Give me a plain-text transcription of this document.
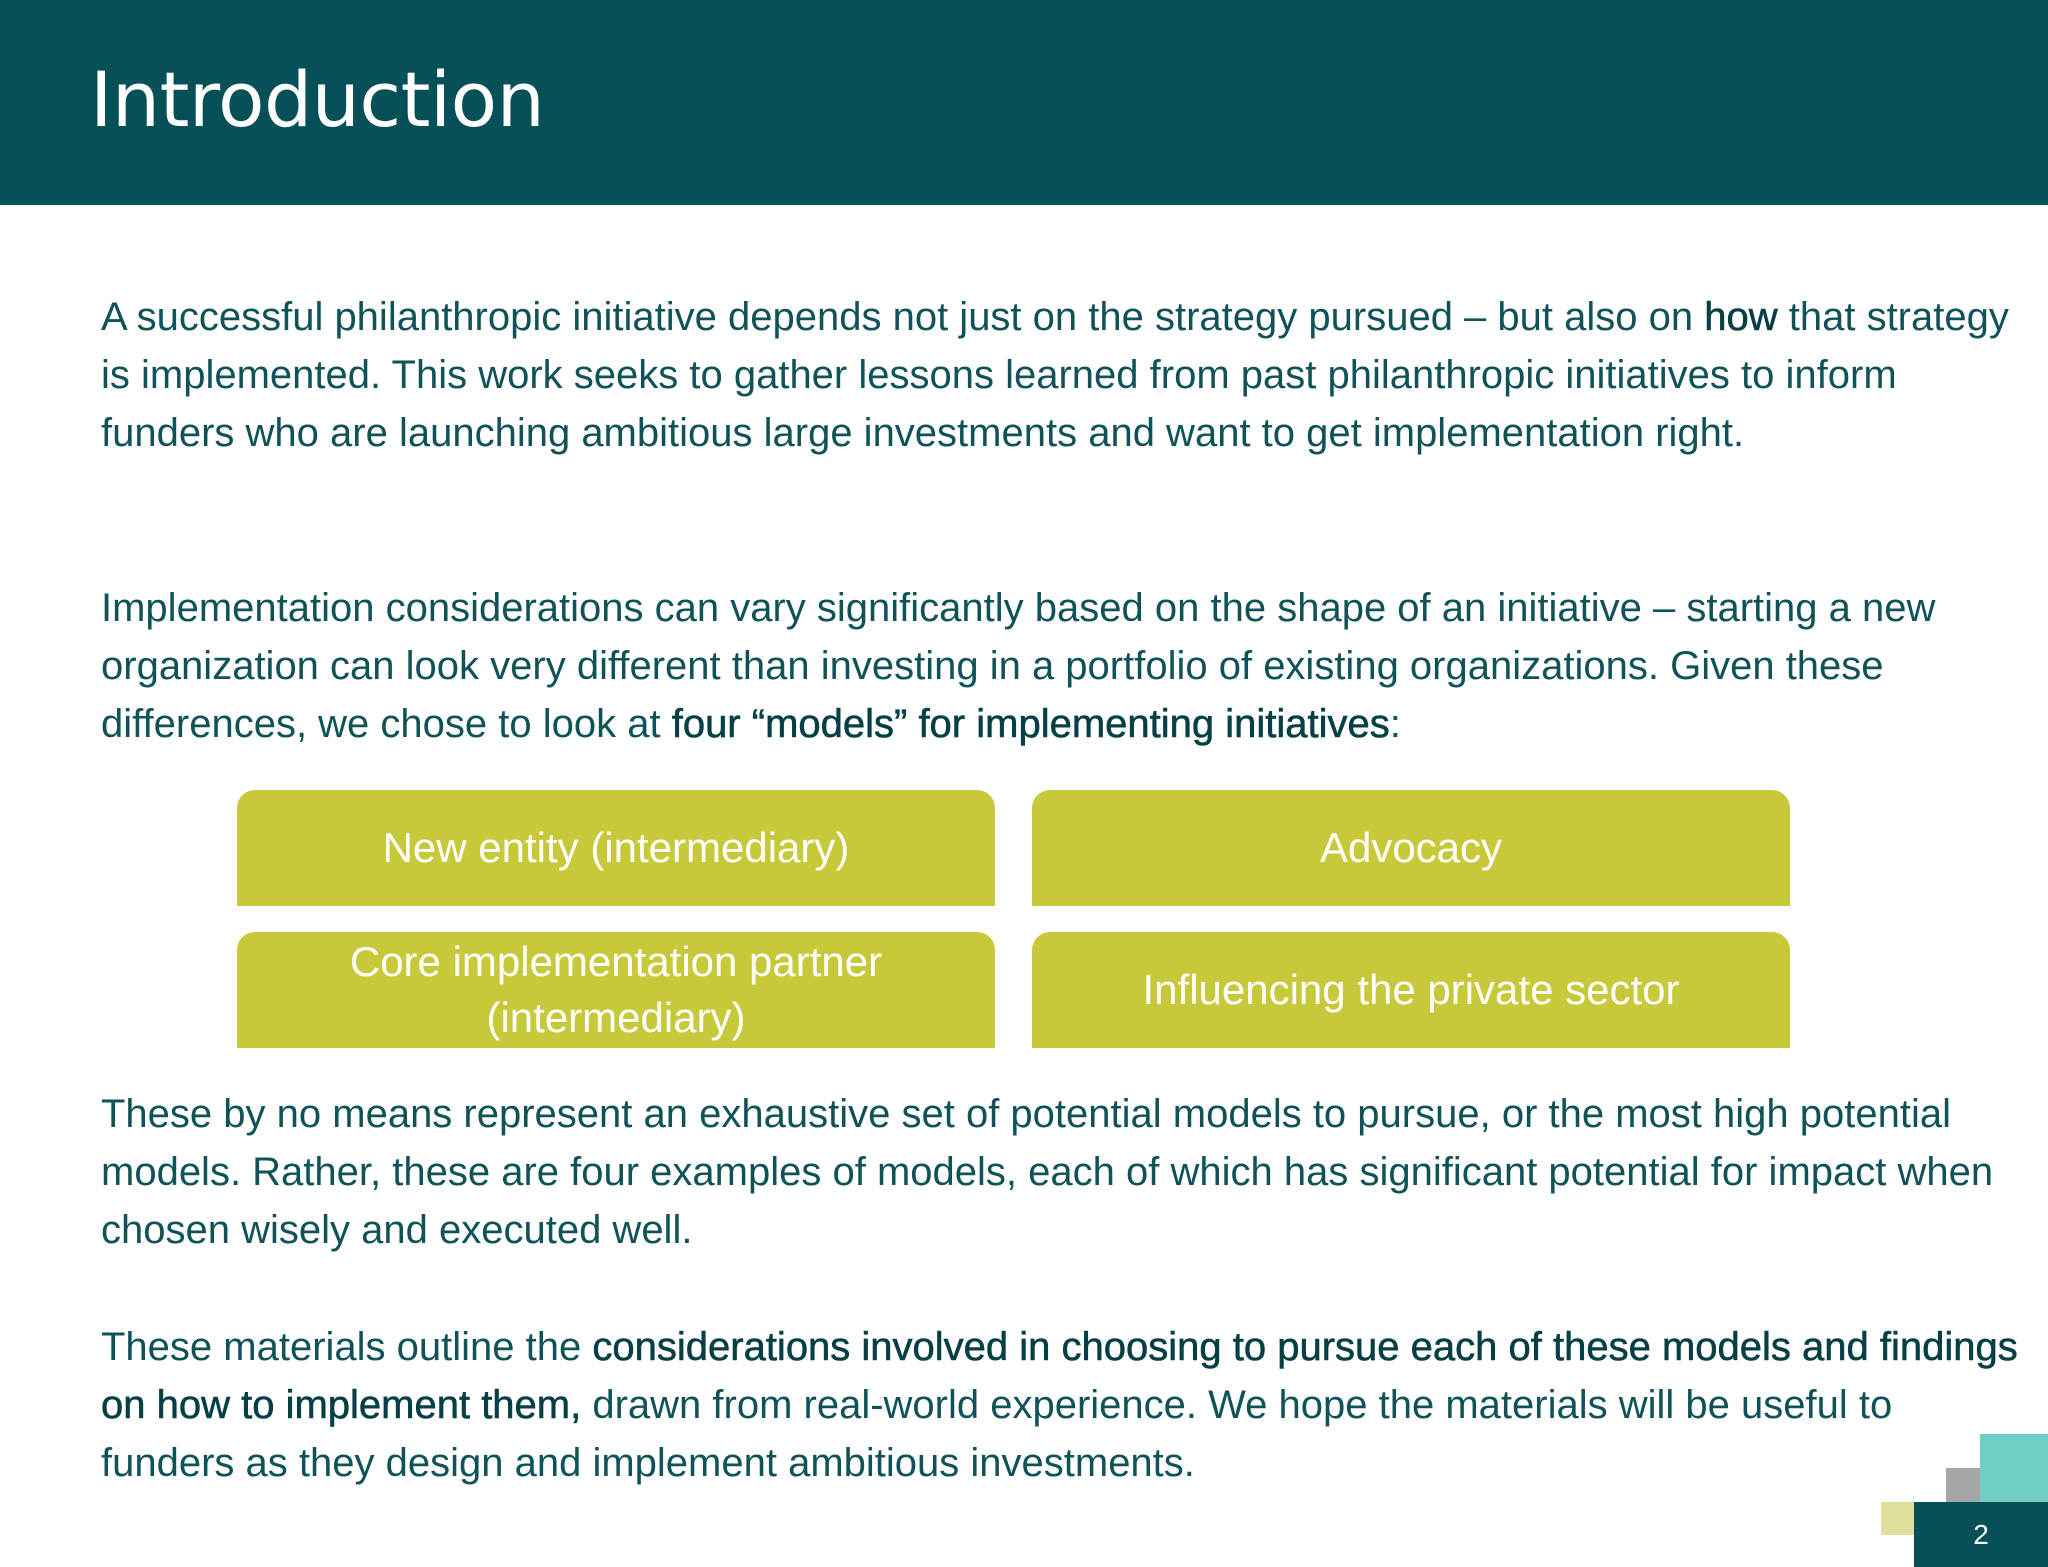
Introduction

A successful philanthropic initiative depends not just on the strategy pursued – but also on how that strategy is implemented. This work seeks to gather lessons learned from past philanthropic initiatives to inform funders who are launching ambitious large investments and want to get implementation right.

Implementation considerations can vary significantly based on the shape of an initiative – starting a new organization can look very different than investing in a portfolio of existing organizations. Given these differences, we chose to look at four “models” for implementing initiatives:

New entity (intermediary)	Advocacy
Core implementation partner (intermediary)
Influencing the private sector

These by no means represent an exhaustive set of potential models to pursue, or the most high potential models. Rather, these are four examples of models, each of which has significant potential for impact when chosen wisely and executed well.

These materials outline the considerations involved in choosing to pursue each of these models and findings on how to implement them, drawn from real-world experience. We hope the materials will be useful to funders as they design and implement ambitious investments.

2
